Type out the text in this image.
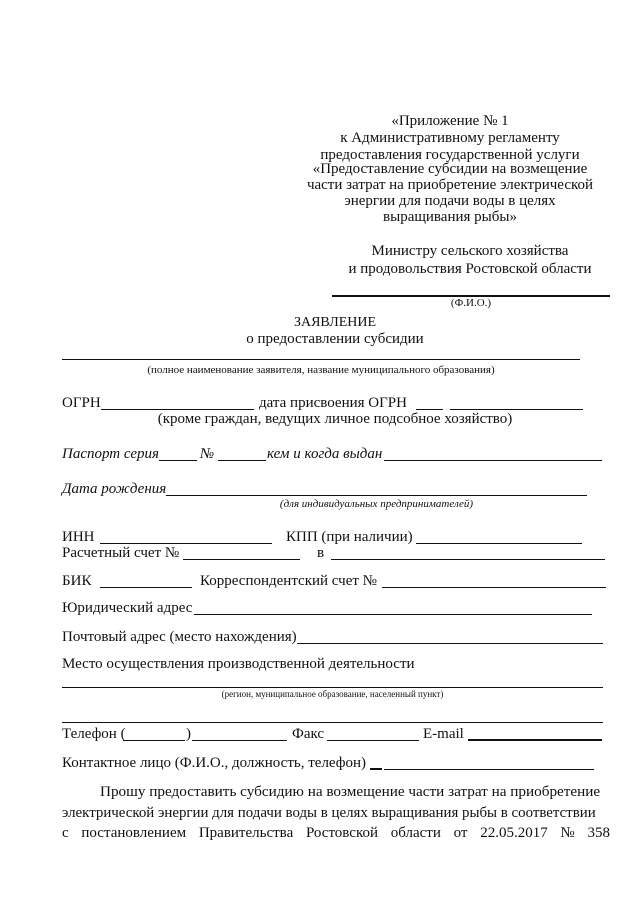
«Приложение № 1
к Административному регламенту
предоставления государственной услуги
«Предоставление субсидии на возмещение
части затрат на приобретение электрической
энергии для подачи воды в целях
выращивания рыбы»
Министру сельского хозяйства
и продовольствия Ростовской области
(Ф.И.О.)
ЗАЯВЛЕНИЕ
о предоставлении субсидии
(полное наименование заявителя, название муниципального образования)
ОГРН	дата присвоения ОГРН
(кроме граждан, ведущих личное подсобное хозяйство)
Паспорт серия	№	кем и когда выдан
Дата рождения
(для индивидуальных предпринимателей)
ИНН	КПП (при наличии)
Расчетный счет №	в
БИК	Корреспондентский счет №
Юридический адрес
Почтовый адрес (место нахождения)
Место осуществления производственной деятельности
(регион, муниципальное образование, населенный пункт)
Телефон (	)	Факс	E-mail
Контактное лицо (Ф.И.О., должность, телефон)
Прошу предоставить субсидию на возмещение части затрат на приобретение
электрической энергии для подачи воды в целях выращивания рыбы в соответствии
с постановлением Правительства Ростовской области от 22.05.2017 № 358
